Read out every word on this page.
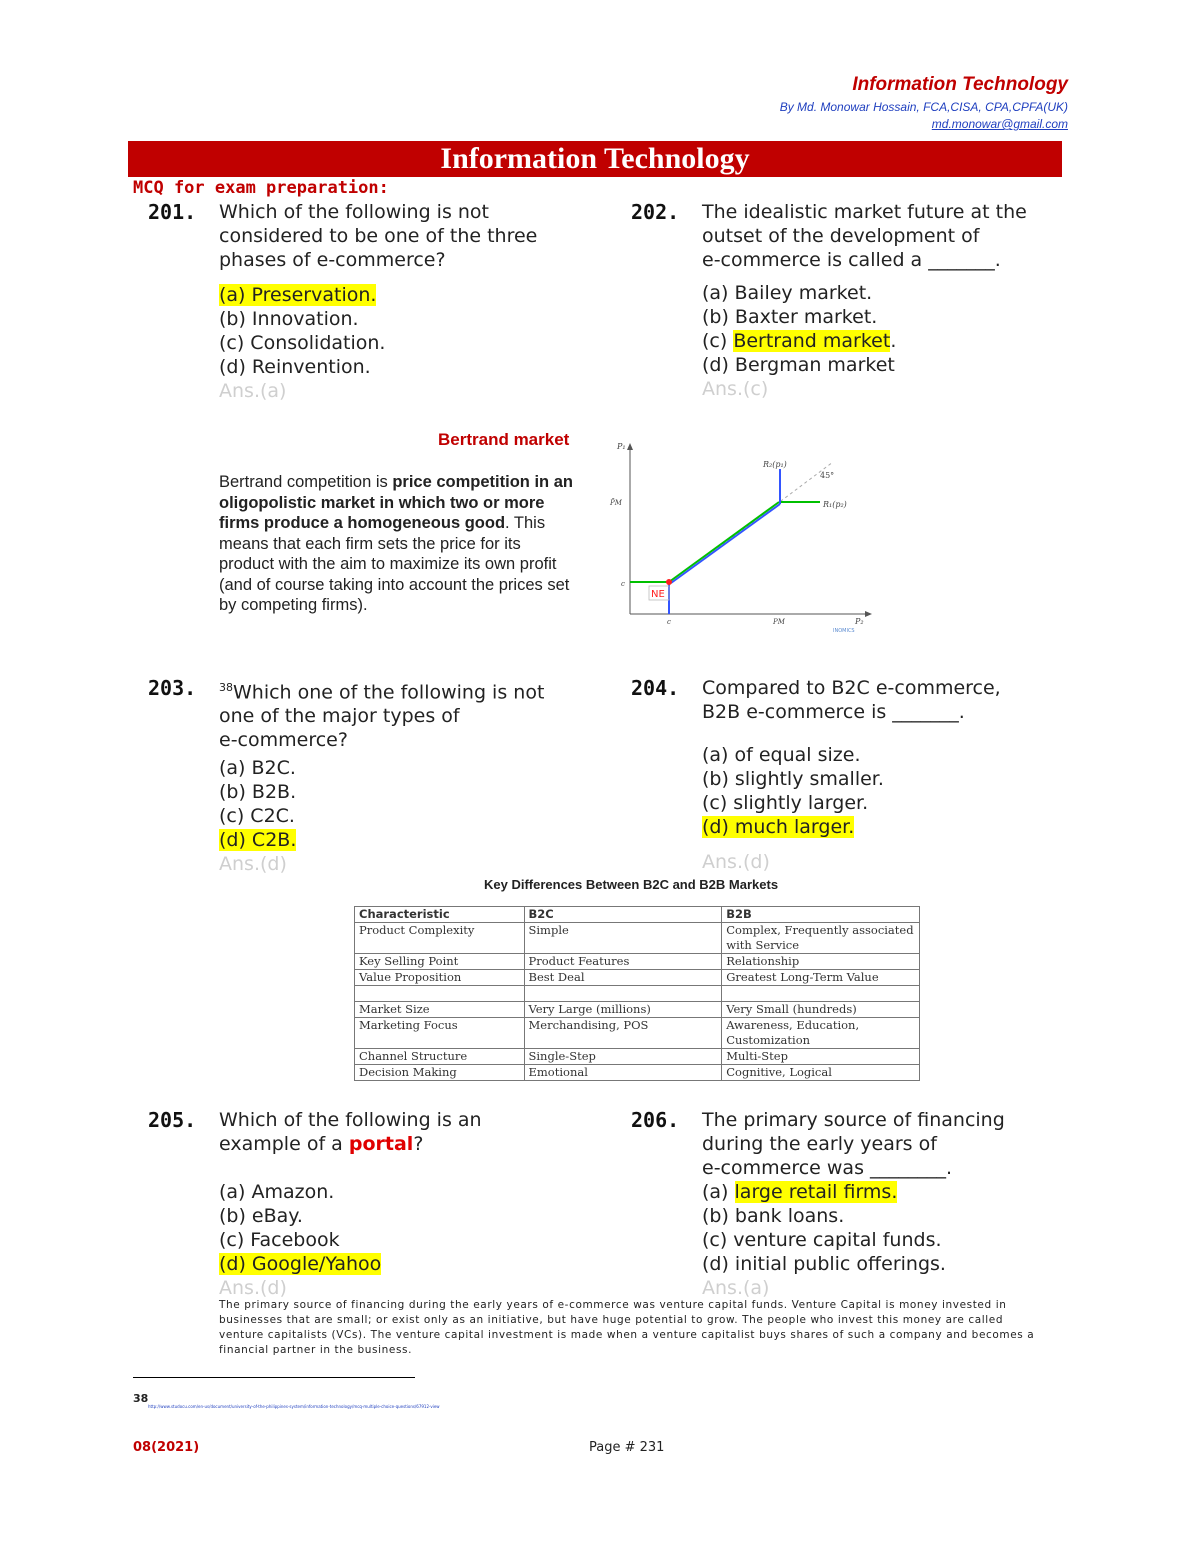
Information Technology
By Md. Monowar Hossain, FCA,CISA, CPA,CPFA(UK)
md.monowar@gmail.com
Information Technology
MCQ for exam preparation:
201. Which of the following is not
considered to be one of the three
phases of e-commerce?
(a) Preservation.
(b) Innovation.
(c) Consolidation.
(d) Reinvention.
Ans.(a)
202. The idealistic market future at the
outset of the development of
e-commerce is called a _______.
(a) Bailey market.
(b) Baxter market.
(c) Bertrand market.
(d) Bergman market
Ans.(c)
Bertrand market
Bertrand competition is price competition in an oligopolistic market in which two or more firms produce a homogeneous good. This means that each firm sets the price for its product with the aim to maximize its own profit (and of course taking into account the prices set by competing firms).
NE
P₁
P̄M
c
c	PM	P₂
R₂(p₁)
R₁(p₂)
45°
INOMICS
203. $^{38}$Which one of the following is not
one of the major types of
e-commerce?
(a) B2C.
(b) B2B.
(c) C2C.
(d) C2B.
Ans.(d)
204. Compared to B2C e-commerce,
B2B e-commerce is _______.
(a) of equal size.
(b) slightly smaller.
(c) slightly larger.
(d) much larger.
Ans.(d)
Key Differences Between B2C and B2B Markets
Characteristic	B2C	B2B
Product Complexity	Simple	Complex, Frequently associated with Service
Key Selling Point	Product Features	Relationship
Value Proposition	Best Deal	Greatest Long-Term Value

Market Size	Very Large (millions)	Very Small (hundreds)
Marketing Focus	Merchandising, POS	Awareness, Education, Customization
Channel Structure	Single-Step	Multi-Step
Decision Making	Emotional	Cognitive, Logical
205. Which of the following is an
example of a portal?
(a) Amazon.
(b) eBay.
(c) Facebook
(d) Google/Yahoo
Ans.(d)
206. The primary source of financing
during the early years of
e-commerce was ________.
(a) large retail firms.
(b) bank loans.
(c) venture capital funds.
(d) initial public offerings.
Ans.(a)
The primary source of financing during the early years of e-commerce was venture capital funds. Venture Capital is money invested in businesses that are small; or exist only as an initiative, but have huge potential to grow. The people who invest this money are called venture capitalists (VCs). The venture capital investment is made when a venture capitalist buys shares of such a company and becomes a financial partner in the business.
38
http://www.studocu.com/en-us/document/university-of-the-philippines-system/information-technology/mcq-multiple-choice-questions/67912-view
08(2021)	Page # 231
